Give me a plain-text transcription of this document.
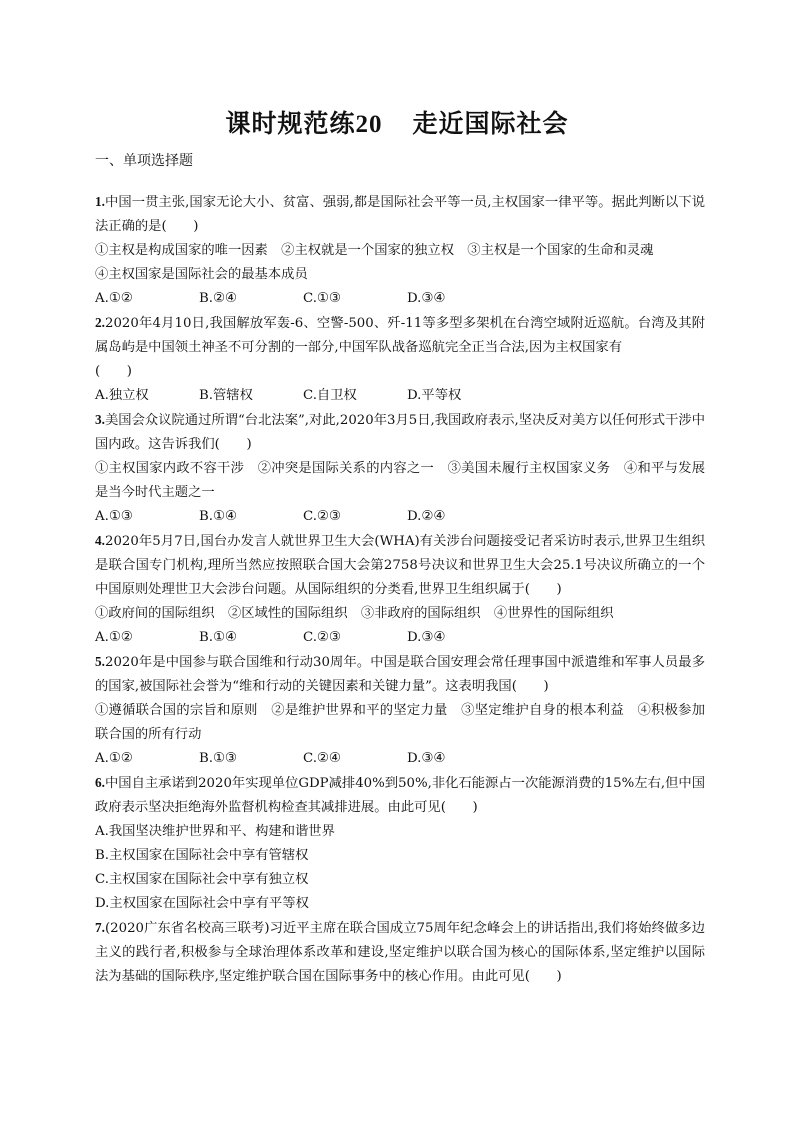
课时规范练20 走近国际社会
一、单项选择题

1.中国一贯主张,国家无论大小、贫富、强弱,都是国际社会平等一员,主权国家一律平等。据此判断以下说法正确的是(　　)

①主权是构成国家的唯一因素　②主权就是一个国家的独立权　③主权是一个国家的生命和灵魂

④主权国家是国际社会的最基本成员

A.①②	B.②④	C.①③	D.③④

2.2020年4月10日,我国解放军轰-6、空警-500、歼-11等多型多架机在台湾空域附近巡航。台湾及其附属岛屿是中国领土神圣不可分割的一部分,中国军队战备巡航完全正当合法,因为主权国家有

(　　)

A.独立权	B.管辖权	C.自卫权	D.平等权

3.美国会众议院通过所谓“台北法案”,对此,2020年3月5日,我国政府表示,坚决反对美方以任何形式干涉中国内政。这告诉我们(　　)

①主权国家内政不容干涉　②冲突是国际关系的内容之一　③美国未履行主权国家义务　④和平与发展是当今时代主题之一

A.①③	B.①④	C.②③	D.②④

4.2020年5月7日,国台办发言人就世界卫生大会(WHA)有关涉台问题接受记者采访时表示,世界卫生组织是联合国专门机构,理所当然应按照联合国大会第2758号决议和世界卫生大会25.1号决议所确立的一个中国原则处理世卫大会涉台问题。从国际组织的分类看,世界卫生组织属于(　　)

①政府间的国际组织　②区域性的国际组织　③非政府的国际组织　④世界性的国际组织

A.①②	B.①④	C.②③	D.③④

5.2020年是中国参与联合国维和行动30周年。中国是联合国安理会常任理事国中派遣维和军事人员最多的国家,被国际社会誉为“维和行动的关键因素和关键力量”。这表明我国(　　)

①遵循联合国的宗旨和原则　②是维护世界和平的坚定力量　③坚定维护自身的根本利益　④积极参加联合国的所有行动

A.①②	B.①③	C.②④	D.③④

6.中国自主承诺到2020年实现单位GDP减排40%到50%,非化石能源占一次能源消费的15%左右,但中国政府表示坚决拒绝海外监督机构检查其减排进展。由此可见(　　)

A.我国坚决维护世界和平、构建和谐世界

B.主权国家在国际社会中享有管辖权

C.主权国家在国际社会中享有独立权

D.主权国家在国际社会中享有平等权

7.(2020广东省名校高三联考)习近平主席在联合国成立75周年纪念峰会上的讲话指出,我们将始终做多边主义的践行者,积极参与全球治理体系改革和建设,坚定维护以联合国为核心的国际体系,坚定维护以国际法为基础的国际秩序,坚定维护联合国在国际事务中的核心作用。由此可见(　　)
